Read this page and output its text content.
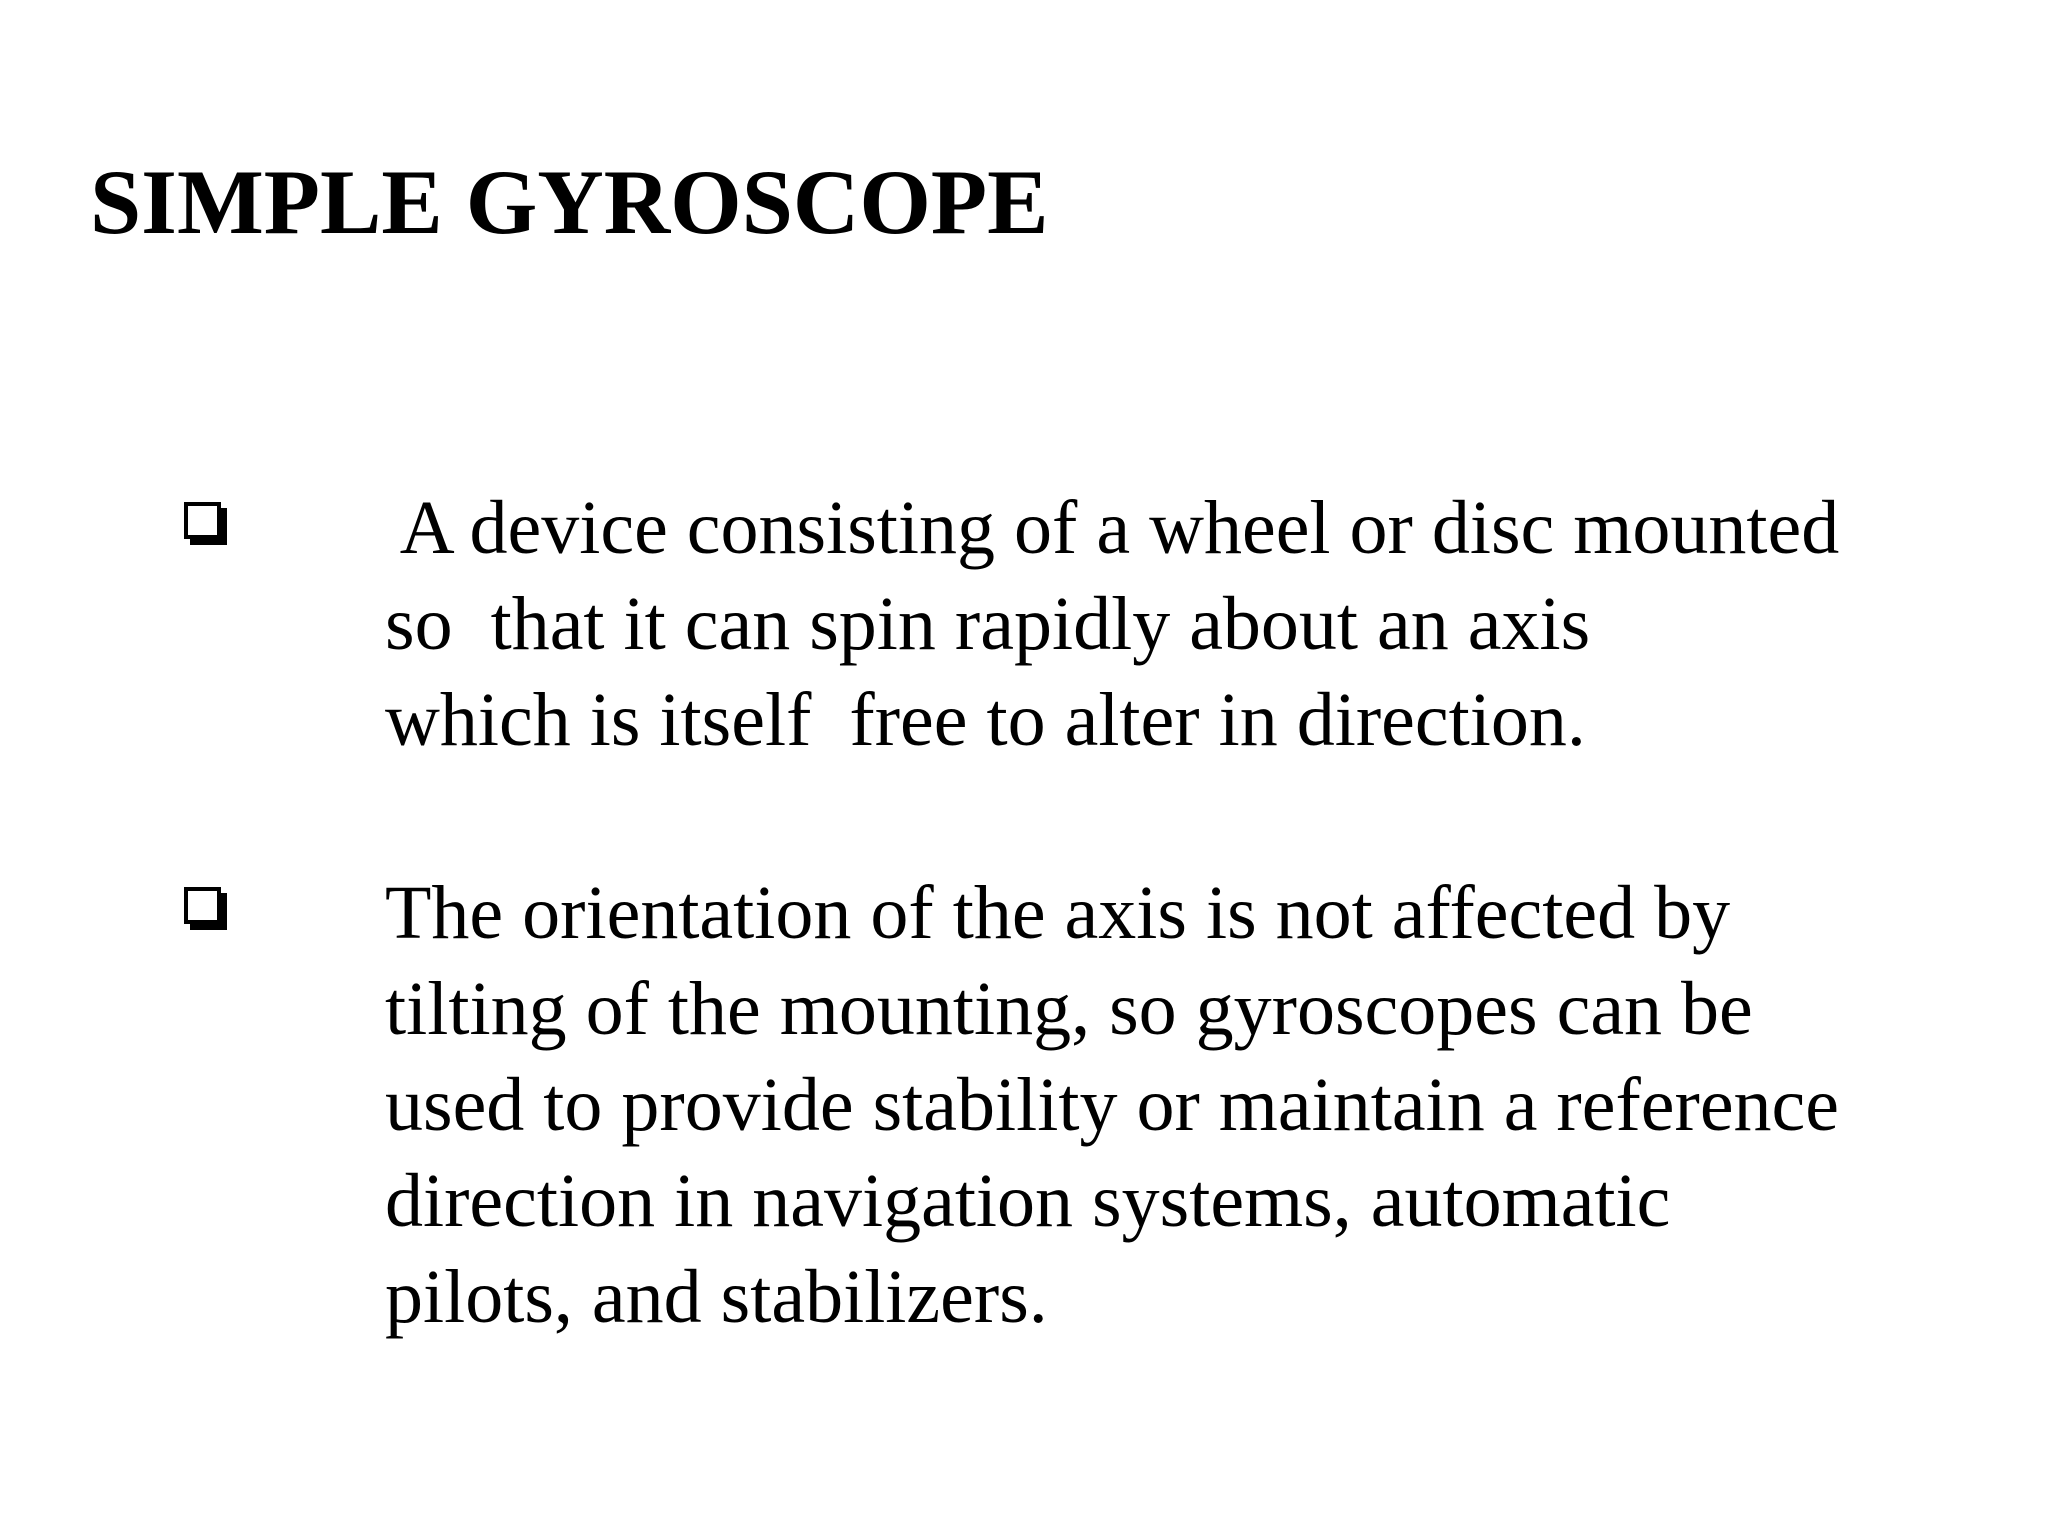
SIMPLE GYROSCOPE
A device consisting of a wheel or disc mounted
so  that it can spin rapidly about an axis
which is itself  free to alter in direction.
The orientation of the axis is not affected by
tilting of the mounting, so gyroscopes can be
used to provide stability or maintain a reference
direction in navigation systems, automatic
pilots, and stabilizers.
